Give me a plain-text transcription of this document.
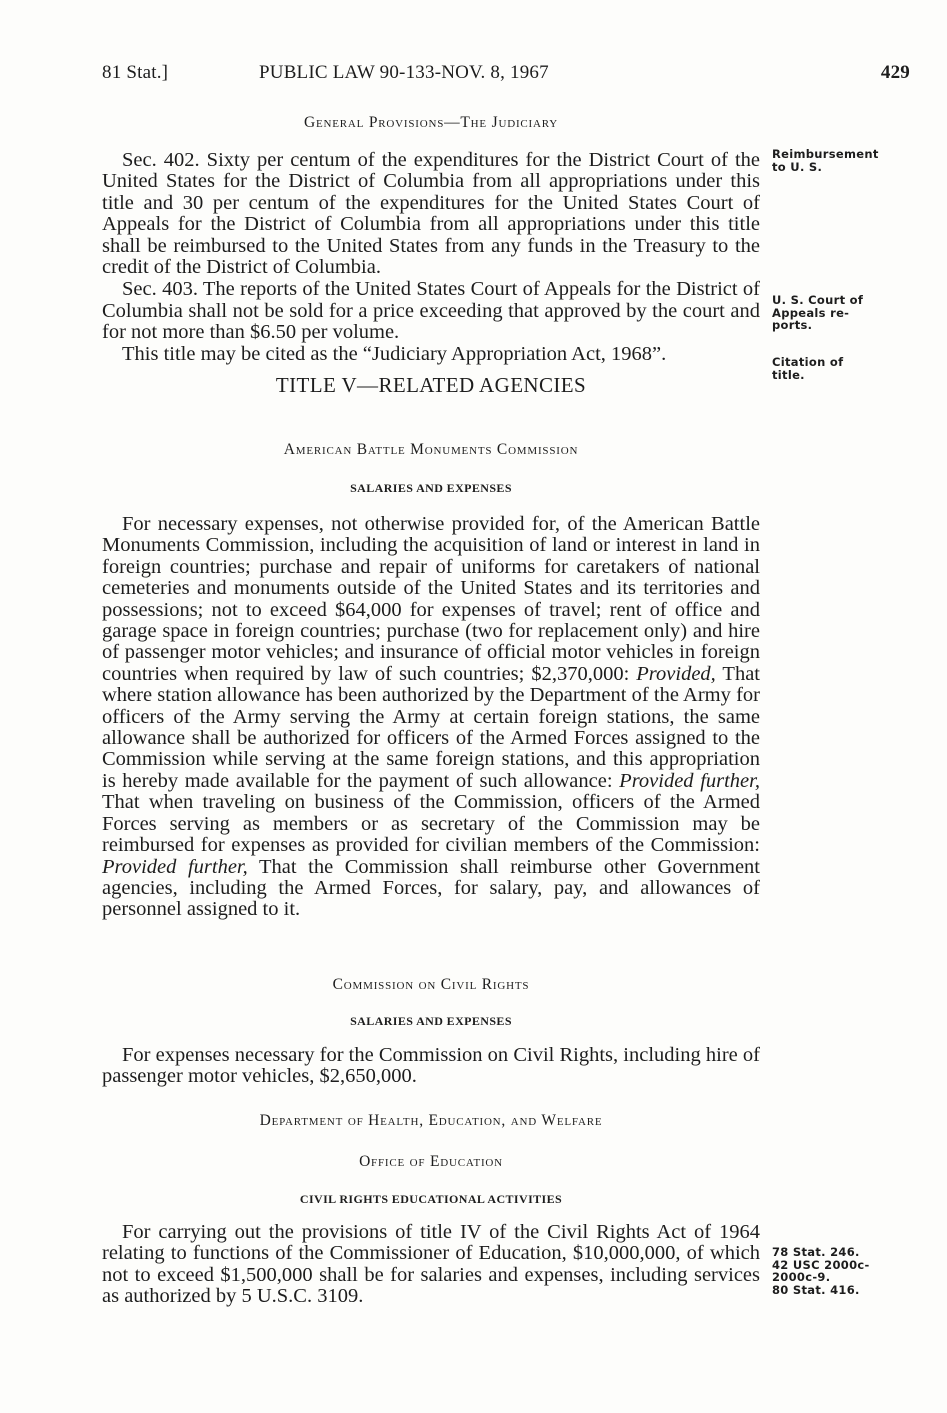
81 Stat.]	PUBLIC LAW 90-133-NOV. 8, 1967	429
General Provisions—The Judiciary

Sec. 402. Sixty per centum of the expenditures for the District Court of the United States for the District of Columbia from all appropriations under this title and 30 per centum of the expenditures for the United States Court of Appeals for the District of Columbia from all appropriations under this title shall be reimbursed to the United States from any funds in the Treasury to the credit of the District of Columbia.

Sec. 403. The reports of the United States Court of Appeals for the District of Columbia shall not be sold for a price exceeding that approved by the court and for not more than $6.50 per volume.

This title may be cited as the “Judiciary Appropriation Act, 1968”.

TITLE V—RELATED AGENCIES
American Battle Monuments Commission
SALARIES AND EXPENSES

For necessary expenses, not otherwise provided for, of the American Battle Monuments Commission, including the acquisition of land or interest in land in foreign countries; purchase and repair of uniforms for caretakers of national cemeteries and monuments outside of the United States and its territories and possessions; not to exceed $64,000 for expenses of travel; rent of office and garage space in foreign countries; purchase (two for replacement only) and hire of passenger motor vehicles; and insurance of official motor vehicles in foreign countries when required by law of such countries; $2,370,000: Provided, That where station allowance has been authorized by the Department of the Army for officers of the Army serving the Army at certain foreign stations, the same allowance shall be authorized for officers of the Armed Forces assigned to the Commission while serving at the same foreign stations, and this appropriation is hereby made available for the payment of such allowance: Provided further, That when traveling on business of the Commission, officers of the Armed Forces serving as members or as secretary of the Commission may be reimbursed for expenses as provided for civilian members of the Commission: Provided further, That the Commission shall reimburse other Government agencies, including the Armed Forces, for salary, pay, and allowances of personnel assigned to it.

Commission on Civil Rights
SALARIES AND EXPENSES

For expenses necessary for the Commission on Civil Rights, including hire of passenger motor vehicles, $2,650,000.

Department of Health, Education, and Welfare
Office of Education
CIVIL RIGHTS EDUCATIONAL ACTIVITIES

For carrying out the provisions of title IV of the Civil Rights Act of 1964 relating to functions of the Commissioner of Education, $10,000,000, of which not to exceed $1,500,000 shall be for salaries and expenses, including services as authorized by 5 U.S.C. 3109.

Reimbursement
to U. S.
U. S. Court of
Appeals re-
ports.
Citation of
title.
78 Stat. 246.
42 USC 2000c-
2000c-9.
80 Stat. 416.
